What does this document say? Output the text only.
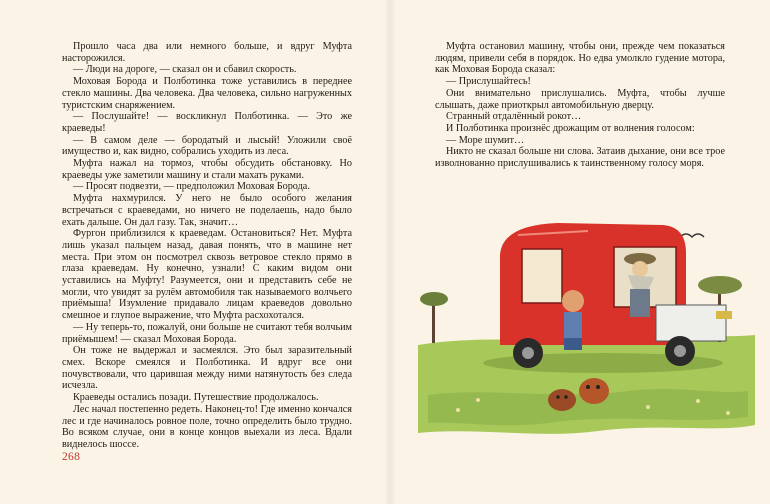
Прошло часа два или немного больше, и вдруг Муфта насторожился.

— Люди на дороге, — сказал он и сбавил скорость.

Моховая Борода и Полботинка тоже уставились в переднее стекло машины. Два человека. Два человека, сильно нагруженных туристским снаряжением.

— Послушайте! — воскликнул Полботинка. — Это же краеведы!

— В самом деле — бородатый и лысый! Уложили своё имущество и, как видно, собрались уходить из леса.

Муфта нажал на тормоз, чтобы обсудить обстановку. Но краеведы уже заметили машину и стали махать руками.

— Просят подвезти, — предположил Моховая Борода.

Муфта нахмурился. У него не было особого желания встречаться с краеведами, но ничего не поделаешь, надо было ехать дальше. Он дал газу. Так, значит…

Фургон приблизился к краеведам. Остановиться? Нет. Муфта лишь указал пальцем назад, давая понять, что в машине нет места. При этом он посмотрел сквозь ветровое стекло прямо в глаза краеведам. Ну конечно, узнали! С каким видом они уставились на Муфту! Разумеется, они и представить себе не могли, что увидят за рулём автомобиля так называемого волчьего приёмыша! Изумление придавало лицам краеведов довольно смешное и глупое выражение, что Муфта расхохотался.

— Ну теперь-то, пожалуй, они больше не считают тебя волчьим приёмышем! — сказал Моховая Борода.

Он тоже не выдержал и засмеялся. Это был заразительный смех. Вскоре смеялся и Полботинка. И вдруг все они почувствовали, что царившая между ними натянутость без следа исчезла.

Краеведы остались позади. Путешествие продолжалось.

Лес начал постепенно редеть. Наконец-то! Где именно кончался лес и где начиналось ровное поле, точно определить было трудно. Во всяком случае, они в конце концов выехали из леса. Вдали виднелось шоссе.

268

Муфта остановил машину, чтобы они, прежде чем показаться людям, привели себя в порядок. Но едва умолкло гудение мотора, как Моховая Борода сказал:

— Прислушайтесь!

Они внимательно прислушались. Муфта, чтобы лучше слышать, даже приоткрыл автомобильную дверцу.

Странный отдалённый рокот…

И Полботинка произнёс дрожащим от волнения голосом:

— Море шумит…

Никто не сказал больше ни слова. Затаив дыхание, они все трое изволнованно прислушивались к таинственному голосу моря.
